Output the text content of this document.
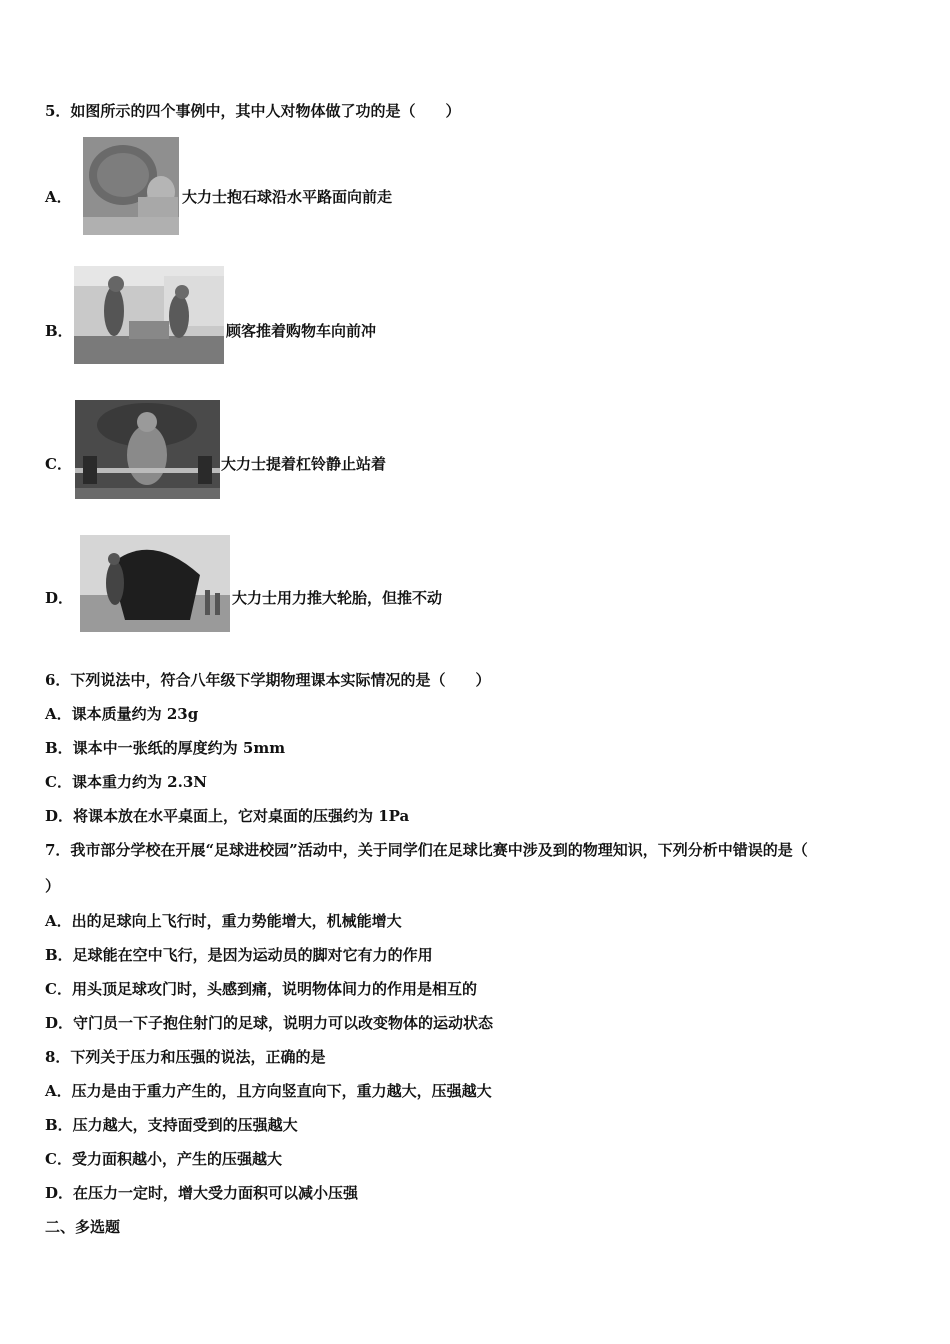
5．如图所示的四个事例中，其中人对物体做了功的是（　　）
A．	大力士抱石球沿水平路面向前走
B．	顾客推着购物车向前冲
C．	大力士提着杠铃静止站着
D．	大力士用力推大轮胎，但推不动
6．下列说法中，符合八年级下学期物理课本实际情况的是（　　）
A．课本质量约为 23g
B．课本中一张纸的厚度约为 5mm
C．课本重力约为 2.3N
D．将课本放在水平桌面上，它对桌面的压强约为 1Pa
7．我市部分学校在开展“足球进校园”活动中，关于同学们在足球比赛中涉及到的物理知识，下列分析中错误的是（
）
A．出的足球向上飞行时，重力势能增大，机械能增大
B．足球能在空中飞行，是因为运动员的脚对它有力的作用
C．用头顶足球攻门时，头感到痛，说明物体间力的作用是相互的
D．守门员一下子抱住射门的足球，说明力可以改变物体的运动状态
8．下列关于压力和压强的说法，正确的是
A．压力是由于重力产生的，且方向竖直向下，重力越大，压强越大
B．压力越大，支持面受到的压强越大
C．受力面积越小，产生的压强越大
D．在压力一定时，增大受力面积可以减小压强
二、多选题
